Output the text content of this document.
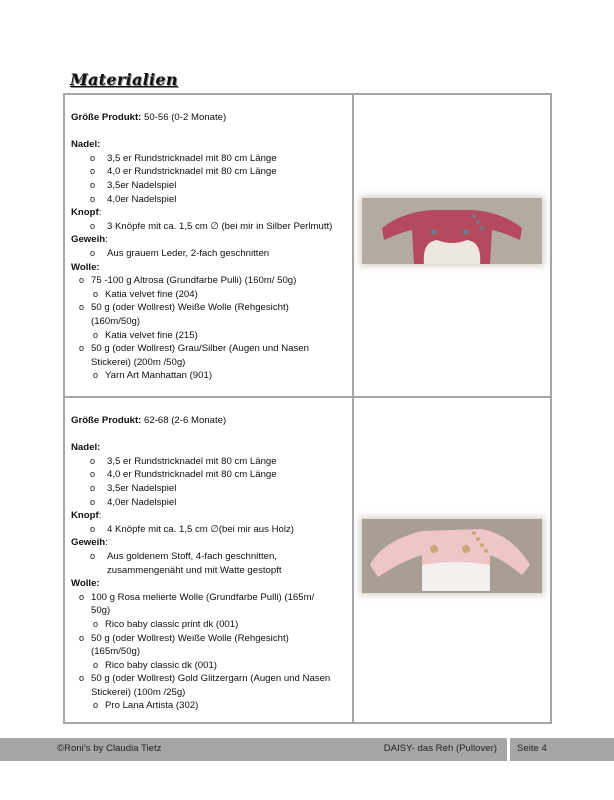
Materialien
Größe Produkt: 50-56 (0-2 Monate)
Nadel:
o 3,5 er Rundstricknadel mit 80 cm Länge
o 4,0 er Rundstricknadel mit 80 cm Länge
o 3,5er Nadelspiel
o 4,0er Nadelspiel
Knopf:
o 3 Knöpfe mit ca. 1,5 cm ∅ (bei mir in Silber Perlmutt)
Geweih:
o Aus grauem Leder, 2-fach geschnitten
Wolle:
o 75 -100 g Altrosa (Grundfarbe Pulli) (160m/ 50g)
o Katia velvet fine (204)
o 50 g (oder Wollrest) Weiße Wolle (Rehgesicht)
(160m/50g)
o Katia velvet fine (215)
o 50 g (oder Wollrest) Grau/Silber (Augen und Nasen
Stickerei) (200m /50g)
o Yarn Art Manhattan (901)
Größe Produkt: 62-68 (2-6 Monate)
Nadel:
o 3,5 er Rundstricknadel mit 80 cm Länge
o 4,0 er Rundstricknadel mit 80 cm Länge
o 3,5er Nadelspiel
o 4,0er Nadelspiel
Knopf:
o 4 Knöpfe mit ca. 1,5 cm ∅(bei mir aus Holz)
Geweih:
o Aus goldenem Stoff, 4-fach geschnitten,
zusammengenäht und mit Watte gestopft
Wolle:
o 100 g Rosa melierte Wolle (Grundfarbe Pulli) (165m/
50g)
o Rico baby classic print dk (001)
o 50 g (oder Wollrest) Weiße Wolle (Rehgesicht)
(165m/50g)
o Rico baby classic dk (001)
o 50 g (oder Wollrest) Gold Glitzergarn (Augen und Nasen
Stickerei) (100m /25g)
o Pro Lana Artista (302)
©Roni’s by Claudia Tietz	DAISY- das Reh (Pullover) Seite 4
